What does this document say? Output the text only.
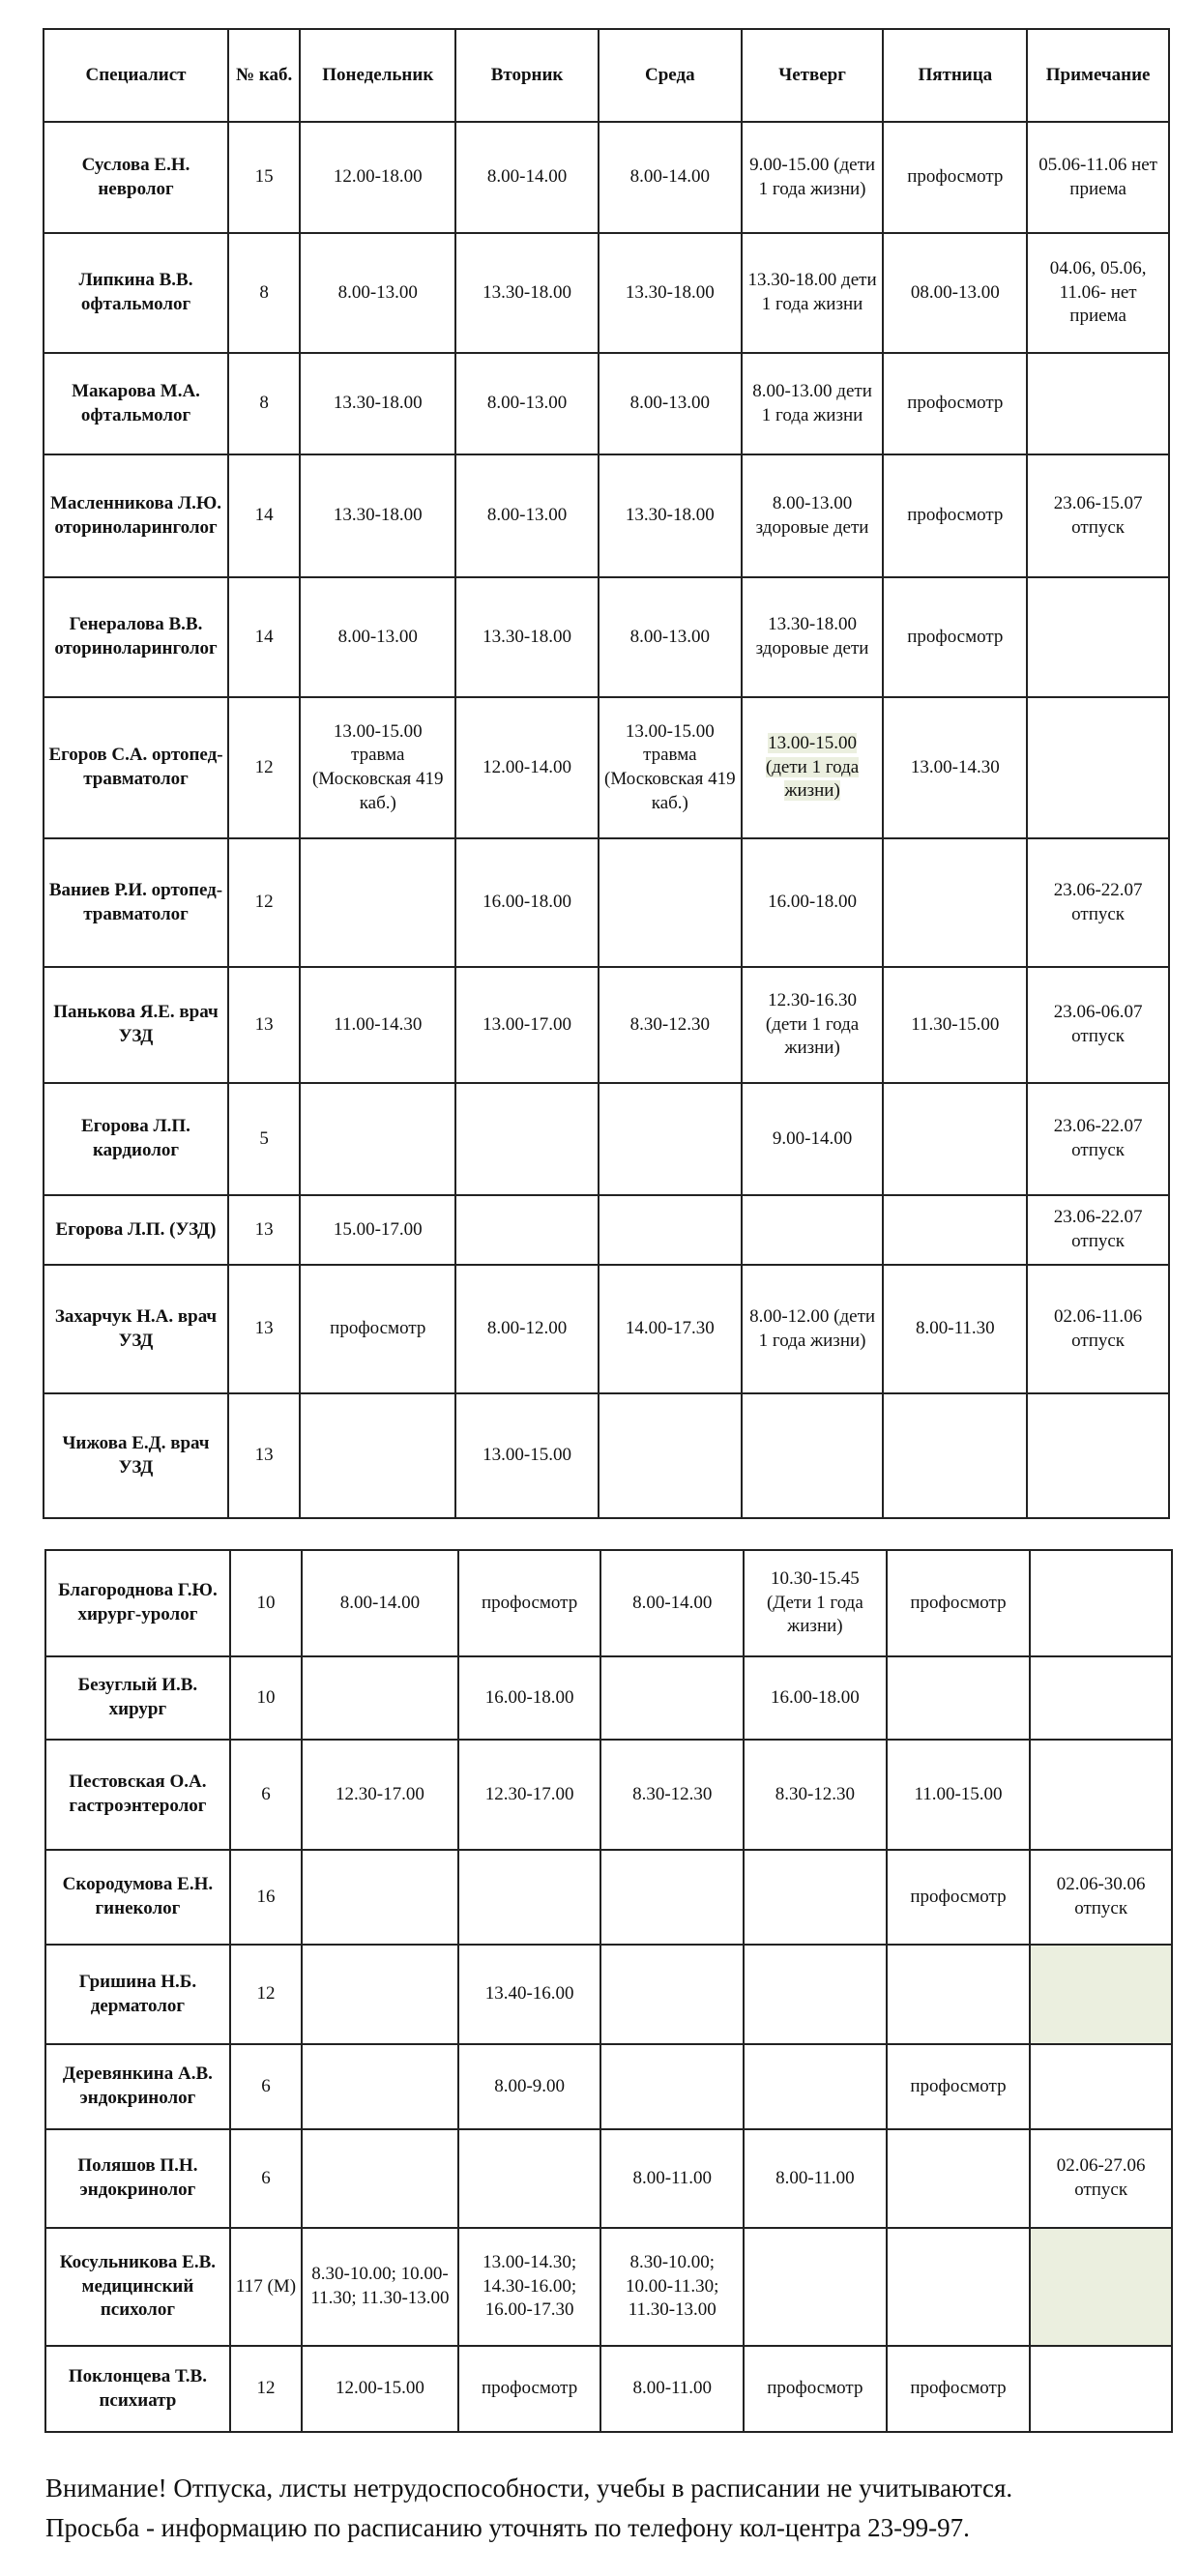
Специалист	№ каб.	Понедельник	Вторник	Среда	Четверг	Пятница	Примечание
Суслова Е.Н. невролог	15	12.00-18.00	8.00-14.00	8.00-14.00	9.00-15.00 (дети 1 года жизни)	профосмотр	05.06-11.06 нет приема
Липкина В.В. офтальмолог	8	8.00-13.00	13.30-18.00	13.30-18.00	13.30-18.00 дети 1 года жизни	08.00-13.00	04.06, 05.06, 11.06- нет приема
Макарова М.А. офтальмолог	8	13.30-18.00	8.00-13.00	8.00-13.00	8.00-13.00 дети 1 года жизни	профосмотр	
Масленникова Л.Ю. оториноларинголог	14	13.30-18.00	8.00-13.00	13.30-18.00	8.00-13.00 здоровые дети	профосмотр	23.06-15.07 отпуск
Генералова В.В. оториноларинголог	14	8.00-13.00	13.30-18.00	8.00-13.00	13.30-18.00 здоровые дети	профосмотр	
Егоров С.А. ортопед-травматолог	12	13.00-15.00 травма (Московская 419 каб.)	12.00-14.00	13.00-15.00 травма (Московская 419 каб.)	13.00-15.00 (дети 1 года жизни)	13.00-14.30	
Ваниев Р.И. ортопед-травматолог	12		16.00-18.00		16.00-18.00		23.06-22.07 отпуск
Панькова Я.Е. врач УЗД	13	11.00-14.30	13.00-17.00	8.30-12.30	12.30-16.30 (дети 1 года жизни)	11.30-15.00	23.06-06.07 отпуск
Егорова Л.П. кардиолог	5				9.00-14.00		23.06-22.07 отпуск
Егорова Л.П. (УЗД)	13	15.00-17.00					23.06-22.07 отпуск
Захарчук Н.А. врач УЗД	13	профосмотр	8.00-12.00	14.00-17.30	8.00-12.00 (дети 1 года жизни)	8.00-11.30	02.06-11.06 отпуск
Чижова Е.Д. врач УЗД	13		13.00-15.00				
Благороднова Г.Ю. хирург-уролог	10	8.00-14.00	профосмотр	8.00-14.00	10.30-15.45 (Дети 1 года жизни)	профосмотр	
Безуглый И.В. хирург	10		16.00-18.00		16.00-18.00		
Пестовская О.А. гастроэнтеролог	6	12.30-17.00	12.30-17.00	8.30-12.30	8.30-12.30	11.00-15.00	
Скородумова Е.Н. гинеколог	16					профосмотр	02.06-30.06 отпуск
Гришина Н.Б. дерматолог	12		13.40-16.00				
Деревянкина А.В. эндокринолог	6		8.00-9.00			профосмотр	
Поляшов П.Н. эндокринолог	6			8.00-11.00	8.00-11.00		02.06-27.06 отпуск
Косульникова Е.В. медицинский психолог	117 (М)	8.30-10.00; 10.00-11.30; 11.30-13.00	13.00-14.30; 14.30-16.00; 16.00-17.30	8.30-10.00; 10.00-11.30; 11.30-13.00			
Поклонцева Т.В. психиатр	12	12.00-15.00	профосмотр	8.00-11.00	профосмотр	профосмотр	
Внимание! Отпуска, листы нетрудоспособности, учебы в расписании не учитываются.
Просьба - информацию по расписанию уточнять по телефону кол-центра 23-99-97.
